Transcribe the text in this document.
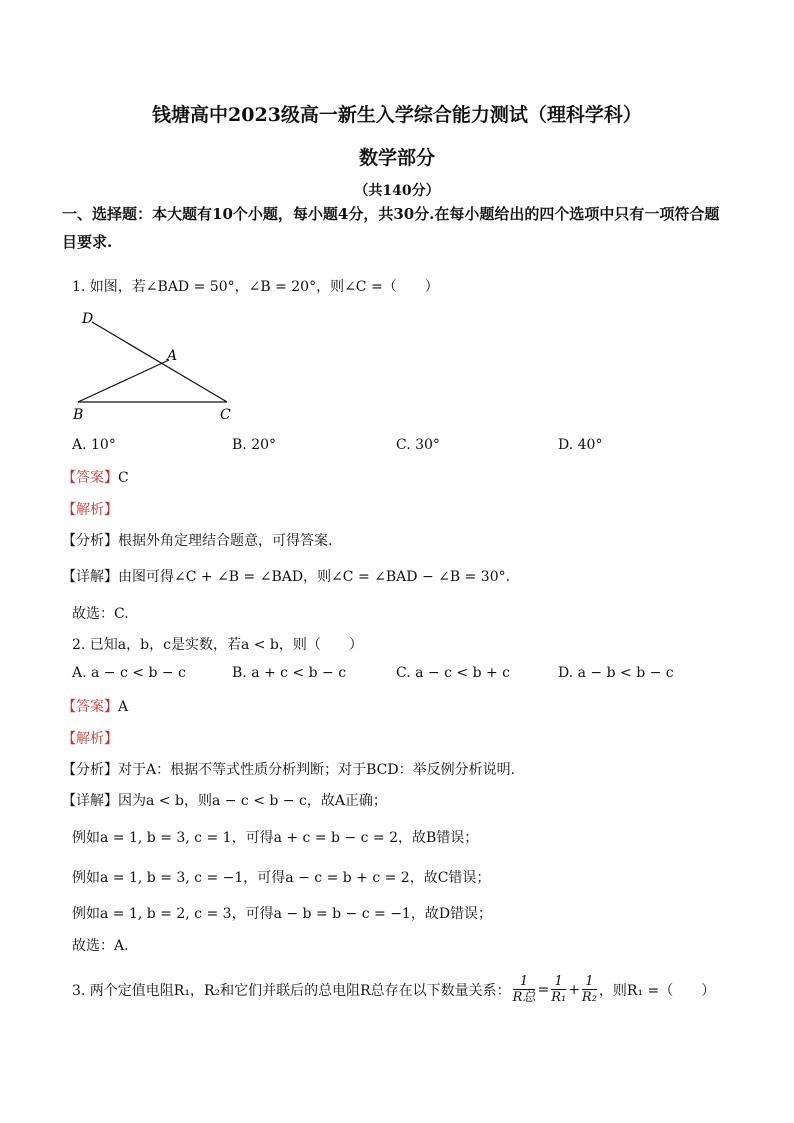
钱塘高中2023级高一新生入学综合能力测试（理科学科）
数学部分
（共140分）
一、选择题：本大题有10个小题，每小题4分，共30分.在每小题给出的四个选项中只有一项符合题目要求.
1. 如图，若∠BAD = 50°，∠B = 20°，则∠C =（　　）
D
A
B	C
A. 10°	B. 20°	C. 30°	D. 40°
【答案】C
【解析】
【分析】根据外角定理结合题意，可得答案.
【详解】由图可得∠C + ∠B = ∠BAD，则∠C = ∠BAD − ∠B = 30°.
故选：C.
2. 已知a，b，c是实数，若a < b，则（　　）
A. a − c < b − c	B. a + c < b − c	C. a − c < b + c	D. a − b < b − c
【答案】A
【解析】
【分析】对于A：根据不等式性质分析判断；对于BCD：举反例分析说明.
【详解】因为a < b，则a − c < b − c，故A正确；
例如a = 1, b = 3, c = 1，可得a + c = b − c = 2，故B错误；
例如a = 1, b = 3, c = −1，可得a − c = b + c = 2，故C错误；
例如a = 1, b = 2, c = 3，可得a − b = b − c = −1，故D错误；
故选：A.
3. 两个定值电阻R₁，R₂和它们并联后的总电阻R总存在以下数量关系： $\frac{1}{\text{R总}} = \frac{1}{\text{R₁}} + \frac{1}{\text{R₂}}$ ，则R₁ =（　　）
